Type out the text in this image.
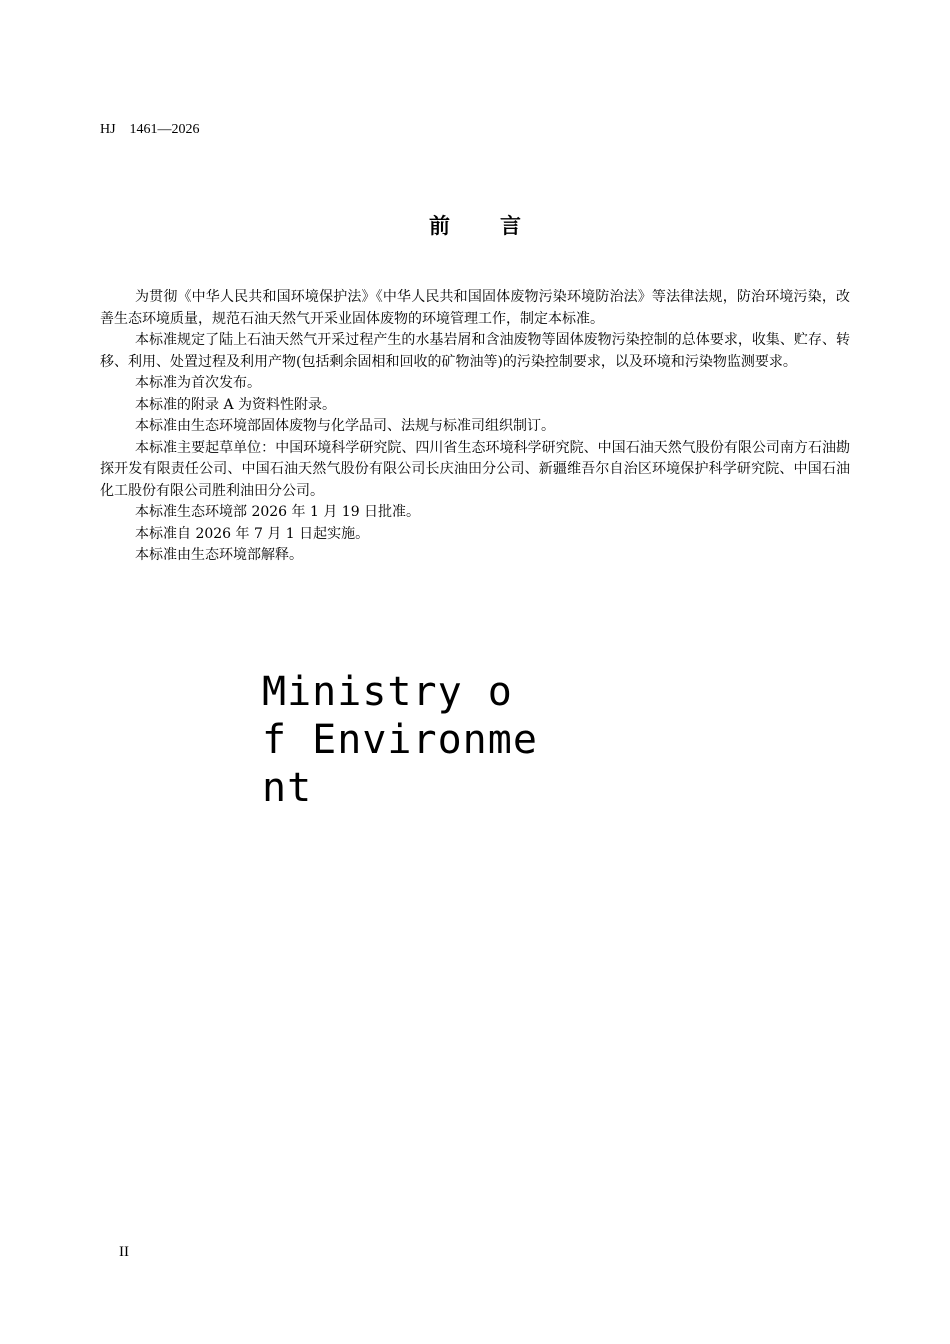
HJ    1461—2026
前 言

为贯彻《中华人民共和国环境保护法》《中华人民共和国固体废物污染环境防治法》等法律法规，防治环境污染，改善生态环境质量，规范石油天然气开采业固体废物的环境管理工作，制定本标准。

本标准规定了陆上石油天然气开采过程产生的水基岩屑和含油废物等固体废物污染控制的总体要求，收集、贮存、转移、利用、处置过程及利用产物(包括剩余固相和回收的矿物油等)的污染控制要求，以及环境和污染物监测要求。

本标准为首次发布。

本标准的附录 A 为资料性附录。

本标准由生态环境部固体废物与化学品司、法规与标准司组织制订。

本标准主要起草单位：中国环境科学研究院、四川省生态环境科学研究院、中国石油天然气股份有限公司南方石油勘探开发有限责任公司、中国石油天然气股份有限公司长庆油田分公司、新疆维吾尔自治区环境保护科学研究院、中国石油化工股份有限公司胜利油田分公司。

本标准生态环境部 2026 年 1 月 19 日批准。

本标准自 2026 年 7 月 1 日起实施。

本标准由生态环境部解释。

Ministry o f Environment
II
